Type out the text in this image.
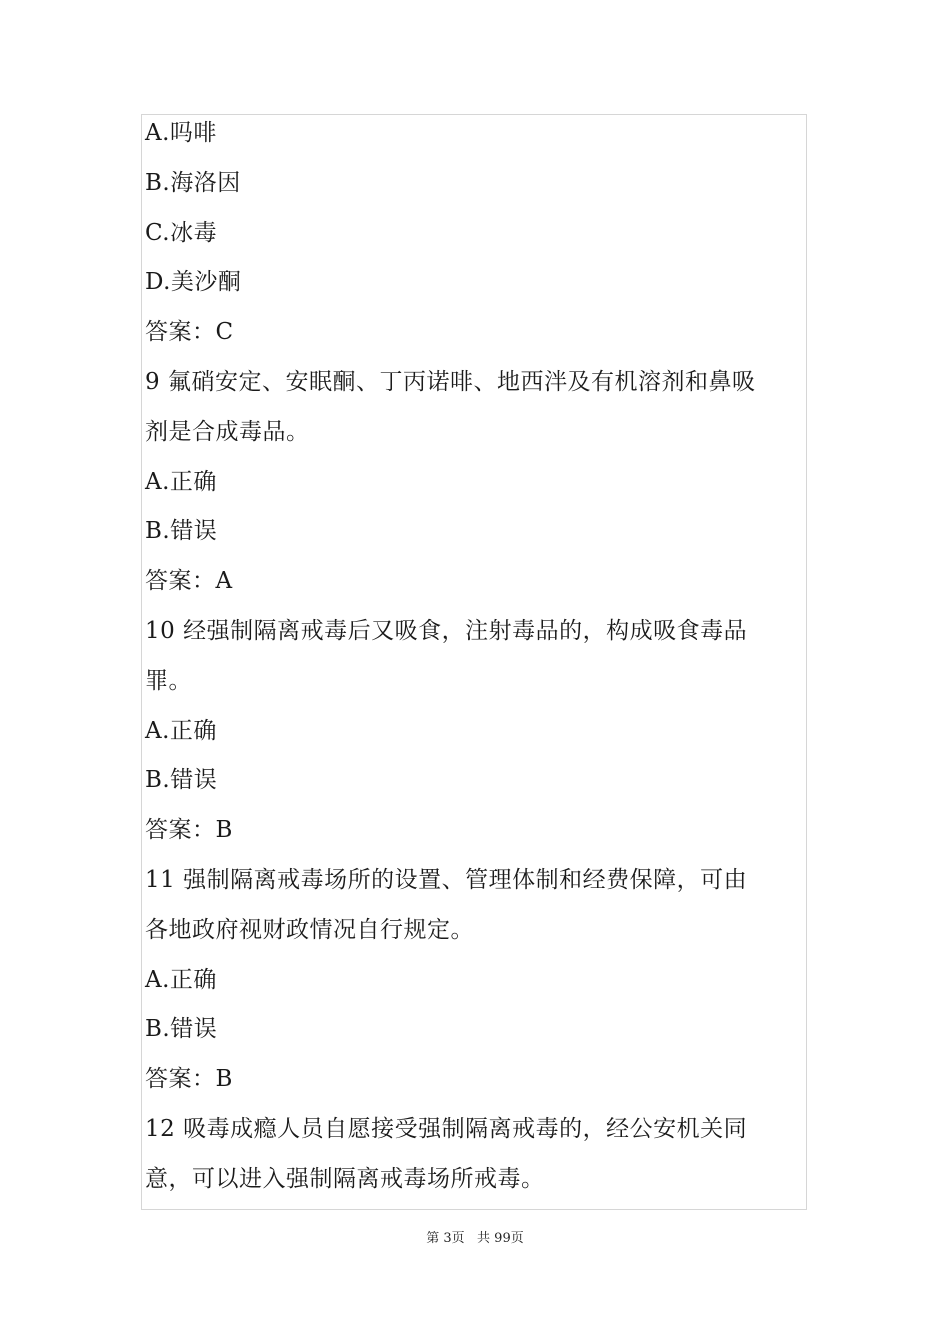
A.吗啡
B.海洛因
C.冰毒
D.美沙酮
答案：C
9 氟硝安定、安眠酮、丁丙诺啡、地西泮及有机溶剂和鼻吸
剂是合成毒品。
A.正确
B.错误
答案：A
10 经强制隔离戒毒后又吸食，注射毒品的，构成吸食毒品
罪。
A.正确
B.错误
答案：B
11 强制隔离戒毒场所的设置、管理体制和经费保障，可由
各地政府视财政情况自行规定。
A.正确
B.错误
答案：B
12 吸毒成瘾人员自愿接受强制隔离戒毒的，经公安机关同
意，可以进入强制隔离戒毒场所戒毒。
第 3页   共 99页
